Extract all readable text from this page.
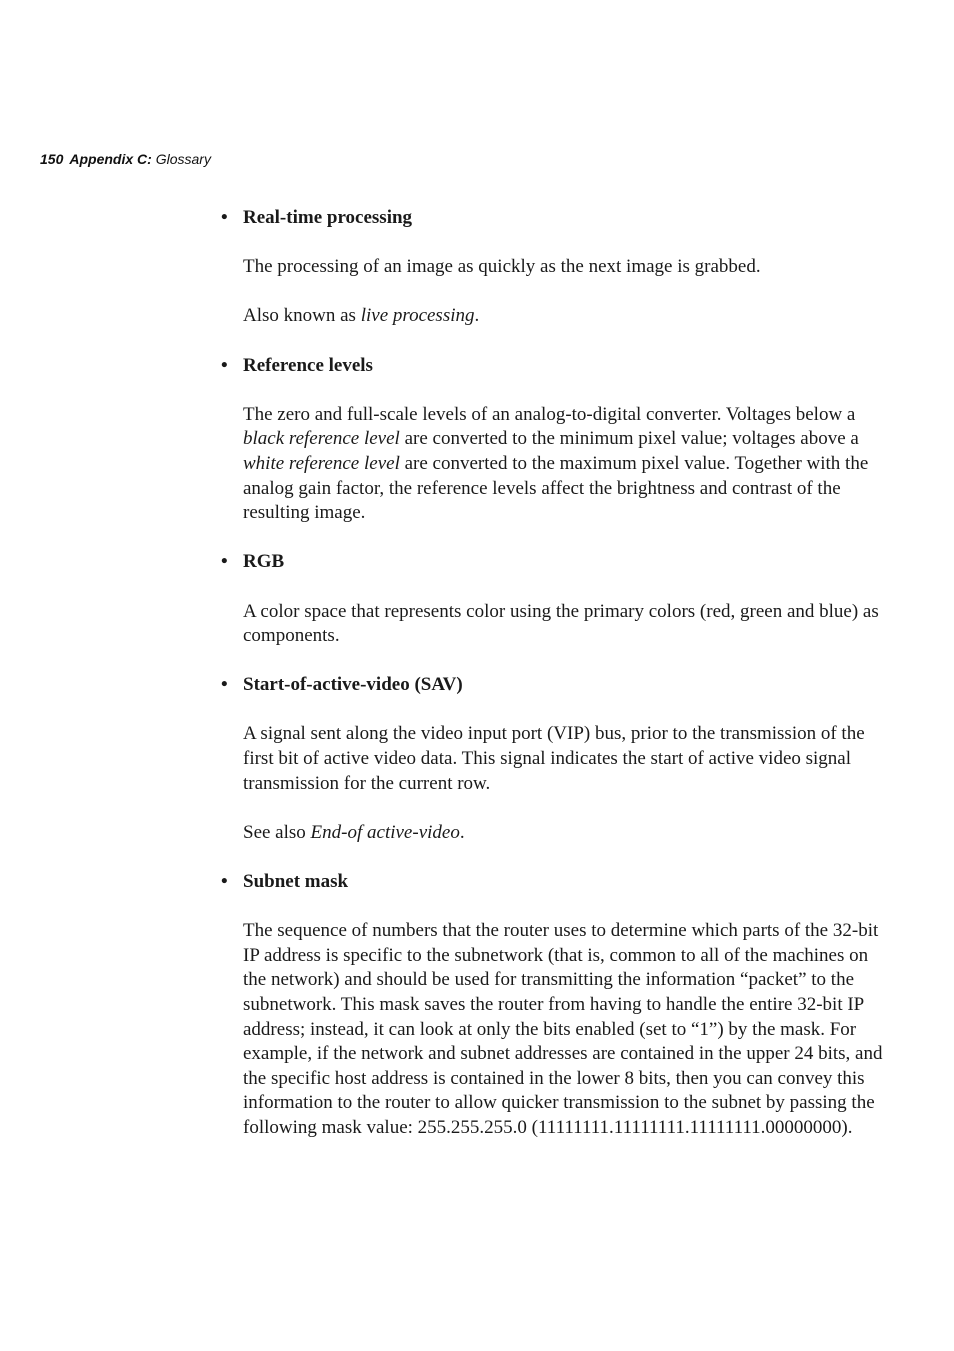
150 Appendix C: Glossary

• Real-time processing

The processing of an image as quickly as the next image is grabbed.

Also known as live processing.

• Reference levels

The zero and full-scale levels of an analog-to-digital converter. Voltages below a black reference level are converted to the minimum pixel value; voltages above a white reference level are converted to the maximum pixel value. Together with the analog gain factor, the reference levels affect the brightness and contrast of the resulting image.

• RGB

A color space that represents color using the primary colors (red, green and blue) as components.

• Start-of-active-video (SAV)

A signal sent along the video input port (VIP) bus, prior to the transmission of the first bit of active video data. This signal indicates the start of active video signal transmission for the current row.

See also End-of active-video.

• Subnet mask

The sequence of numbers that the router uses to determine which parts of the 32-bit IP address is specific to the subnetwork (that is, common to all of the machines on the network) and should be used for transmitting the information “packet” to the subnetwork. This mask saves the router from having to handle the entire 32-bit IP address; instead, it can look at only the bits enabled (set to “1”) by the mask. For example, if the network and subnet addresses are contained in the upper 24 bits, and the specific host address is contained in the lower 8 bits, then you can convey this information to the router to allow quicker transmission to the subnet by passing the following mask value: 255.255.255.0 (11111111.11111111.11111111.00000000).
